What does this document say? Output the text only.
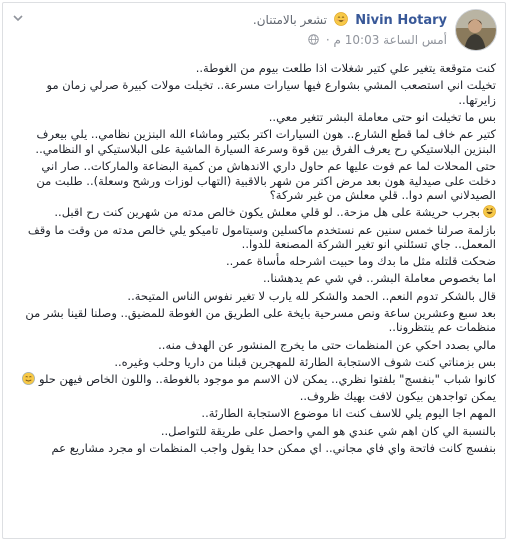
Nivin Hotary  تشعر بالامتنان.
أمس الساعة 10:03 م ·

كنت متوقعة يتغير علي كتير شغلات اذا طلعت بيوم من الغوطة..

تخيلت اني استصعب المشي بشوارع فيها سيارات مسرعة.. تخيلت مولات كبيرة صرلي زمان مو زايرتها..

بس ما تخيلت انو حتى معاملة البشر تتغير معي..

كتير عم خاف لما قطع الشارع.. هون السيارات اكتر بكتير وماشاء الله البنزين نظامي.. يلي بيعرف البنزين البلاستيكي رح يعرف الفرق بين قوة وسرعة السيارة الماشية على البلاستيكي او النظامي..

حتى المحلات لما عم فوت عليها عم حاول داري الاندهاش من كمية البضاعة والماركات.. صار اني دخلت على صيدلية هون بعد مرض اكتر من شهر بالاقبية (التهاب لوزات ورشح وسعلة).. طلبت من الصيدلاني اسم دوا.. قلي معلش من غير شركة؟

بجرب حريشة على هل مزحة.. لو قلي معلش يكون خالص مدته من شهرين كنت رح اقبل..

بازلمة صرلنا خمس سنين عم نستخدم ماكسلين وسيتامول تاميكو يلي خالص مدته من وقت ما وقف المعمل.. جاي تسئلني انو تغير الشركة المصنعة للدوا..

ضحكت قلتله مثل ما بدك وما حبيت اشرحله مأساة عمر..

اما بخصوص معاملة البشر.. في شي عم يدهشنا..

قال بالشكر تدوم النعم.. الحمد والشكر لله يارب لا تغير نفوس الناس المتيحة..

بعد سبع وعشرين ساعة ونص مسرحية بايخة على الطريق من الغوطة للمضيق.. وصلنا لقينا بشر من منظمات عم ينتظرونا..

مالي بصدد احكي عن المنظمات حتى ما يخرج المنشور عن الهدف منه..

بس بزمناتي كنت شوف الاستجابة الطارئة للمهجرين قبلنا من داريا وحلب وغيره..

كانوا شباب "بنفسج" بلفتوا نظري.. يمكن لان الاسم مو موجود بالغوطة.. واللون الخاص فيهن حلو

يمكن تواجدهن بيكون لافت بهيك ظروف..

المهم اجا اليوم يلي للاسف كنت انا موضوع الاستجابة الطارئة..

بالنسبة الي كان اهم شي عندي هو المي واحصل على طريقة للتواصل..

بنفسج كانت فاتحة واي فاي مجاني.. اي ممكن حدا يقول واجب المنظمات او مجرد مشاريع عم
